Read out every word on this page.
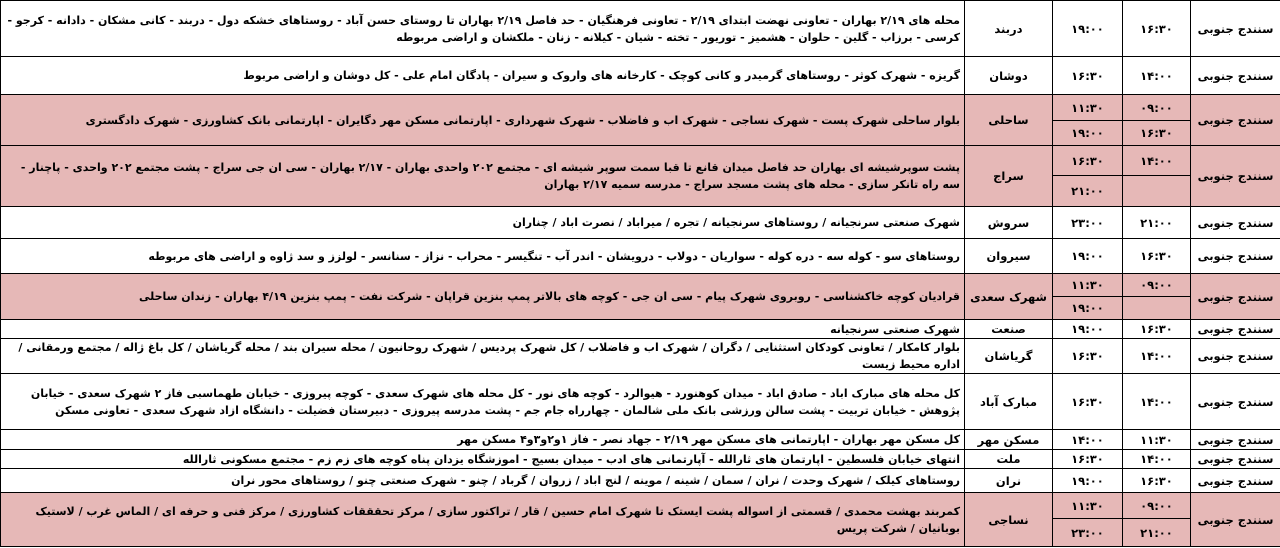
سنندج جنوبی	۱۶:۳۰	۱۹:۰۰	دربند	محله های ۲/۱۹ بهاران - تعاونی نهضت ابتدای ۲/۱۹ - تعاونی فرهنگیان - حد فاصل ۲/۱۹ بهاران تا روستای حسن آباد - روستاهای خشکه دول - دربند - کانی مشکان - دادانه - کرجو - کرسی - برزاب - گلین - حلوان - هشمیز - توریور - تخته - شیان - کیلانه - زنان - ملکشان و اراضی مربوطه
سنندج جنوبی	۱۴:۰۰	۱۶:۳۰	دوشان	گریزه - شهرک کوثر - روستاهای گرمیدر و کانی کوچک - کارخانه های واروک و سیران - پادگان امام علی - کل دوشان و اراضی مربوط
سنندج جنوبی	۰۹:۰۰	۱۱:۳۰	ساحلی	بلوار ساحلی شهرک پست - شهرک نساجی - شهرک اب و فاضلاب - شهرک شهرداری - اپارتمانی مسکن مهر دگایران - اپارتمانی بانک کشاورزی - شهرک دادگستری
	۱۶:۳۰	۱۹:۰۰		
سنندج جنوبی	۱۴:۰۰	۱۶:۳۰	سراج	پشت سوپرشیشه ای بهاران حد فاصل میدان قانع تا قبا سمت سوپر شیشه ای - مجتمع ۲۰۲ واحدی بهاران - ۲/۱۷ بهاران - سی ان جی سراج - پشت مجتمع ۲۰۲ واحدی - پاچنار - سه راه تانکر سازی - محله های پشت مسجد سراج - مدرسه سمیه ۲/۱۷ بهاران
		۲۱:۰۰		
سنندج جنوبی	۲۱:۰۰	۲۳:۰۰	سروش	شهرک صنعتی سرنجیانه / روستاهای سرنجیانه / تجره / میراباد / نصرت اباد / چناران
سنندج جنوبی	۱۶:۳۰	۱۹:۰۰	سیروان	روستاهای سو - کوله سه - دره کوله - سواریان - دولاب - درویشان - اندر آب - تنگیسر - محراب - نزاز - سنانسر - لولزز و سد ژاوه و اراضی های مربوطه
سنندج جنوبی	۰۹:۰۰	۱۱:۳۰	شهرک سعدی	قرادیان کوچه خاکشناسی - روبروی شهرک پیام - سی ان جی - کوچه های بالاتر پمپ بنزین قراپان - شرکت نفت - پمپ بنزین ۴/۱۹ بهاران - زندان ساحلی
		۱۹:۰۰		
سنندج جنوبی	۱۶:۳۰	۱۹:۰۰	صنعت	شهرک صنعتی سرنجیانه
سنندج جنوبی	۱۴:۰۰	۱۶:۳۰	گریاشان	بلوار کامکار / تعاونی کودکان استثنایی / دگران / شهرک اب و فاضلاب / کل شهرک پردیس / شهرک روحانیون / محله سیران بند / محله گریاشان / کل باغ ژاله / مجتمع ورمقانی / اداره محیط زیست
سنندج جنوبی	۱۴:۰۰	۱۶:۳۰	مبارک آباد	کل محله های مبارک اباد - صادق اباد - میدان کوهنورد - هیوالرد - کوچه های نور - کل محله های شهرک سعدی - کوچه پیروزی - خیابان طهماسبی فاز ۲ شهرک سعدی - خیابان پژوهش - خیابان تربیت - پشت سالن ورزشی بانک ملی شالمان - چهارراه جام جم - پشت مدرسه پیروزی - دبیرستان فضیلت - دانشگاه ازاد شهرک سعدی - تعاونی مسکن
سنندج جنوبی	۱۱:۳۰	۱۴:۰۰	مسکن مهر	کل مسکن مهر بهاران - اپارتمانی های مسکن مهر ۲/۱۹ - جهاد نصر - فاز ۱و۲و۳و۴ مسکن مهر
سنندج جنوبی	۱۴:۰۰	۱۶:۳۰	ملت	انتهای خیابان فلسطین - اپارتمان های ثارالله - آپارتمانی های ادب - میدان بسیج - اموزشگاه یزدان پناه کوچه های زم زم - مجتمع مسکونی ثارالله
سنندج جنوبی	۱۶:۳۰	۱۹:۰۰	نران	روستاهای کیلک / شهرک وحدت / نران / سمان / شینه / موینه / لنج اباد / زروان / گرباد / چنو - شهرک صنعتی چنو / روستاهای محور نران
سنندج جنوبی	۰۹:۰۰	۱۱:۳۰	نساجی	کمربند بهشت محمدی / قسمتی از اسواله پشت ایستک تا شهرک امام حسین / قار / تراکتور سازی / مرکز تحقققات کشاورزی / مرکز فنی و حرفه ای / الماس غرب / لاستیک بوبانیان / شرکت پریس
	۲۱:۰۰	۲۳:۰۰		
